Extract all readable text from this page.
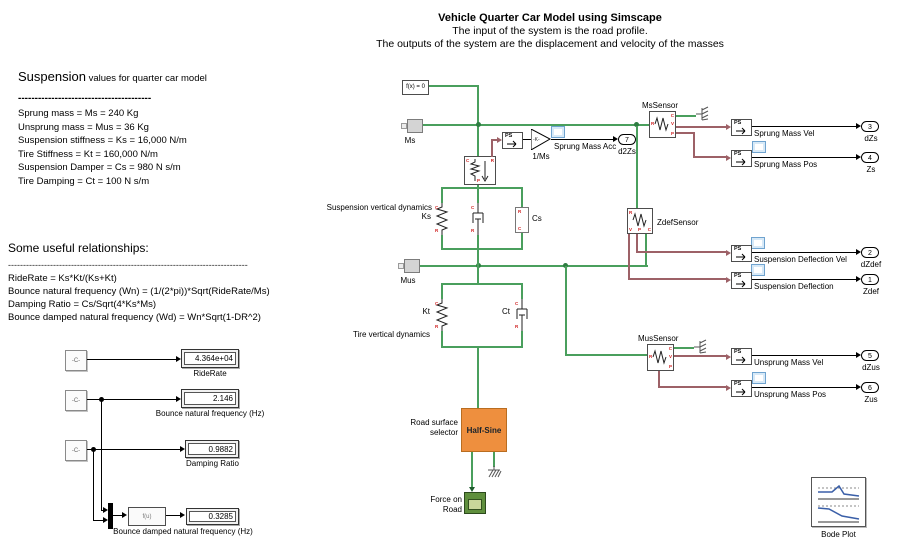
Vehicle Quarter Car Model using Simscape
The input of the system is the road profile.
The outputs of the system are the displacement and velocity of the masses
Suspension values for quarter car model
----------------------------------------
Sprung mass = Ms = 240 Kg
Unsprung mass = Mus = 36 Kg
Suspension stiffness = Ks = 16,000 N/m
Tire Stiffness = Kt = 160,000 N/m
Suspension Damper = Cs = 980 N s/m
Tire Damping = Ct = 100 N s/m
Some useful relationships:
--------------------------------------------------------------------------------
RideRate = Ks*Kt/(Ks+Kt)
Bounce natural frequency (Wn) = (1/(2*pi))*Sqrt(RideRate/Ms)
Damping Ratio = Cs/Sqrt(4*Ks*Ms)
Bounce damped natural frequency (Wd) = Wn*Sqrt(1-DR^2)
-C-	4.364e+04
RideRate
-C-	2.146
Bounce natural frequency (Hz)
-C-	0.9882
Damping Ratio
f(u)	0.3285
Bounce damped natural frequency (Hz)
f(x) = 0
Ms
C	R
P
PS
-K-
1/Ms
Sprung Mass Acc
7
d2Zs
C
R
Ks
C
R
R
C
Cs
Suspension vertical dynamics
Mus
C
R
Kt
C
R
Ct
Tire vertical dynamics
Half-Sine
Road surface
selector
Force on
Road
MsSensor
R
C
V
P
R
V	C
P
ZdefSensor
MusSensor
R
C
V
P
PS
Sprung Mass Vel
3
dZs
PS
Sprung Mass Pos
4
Zs
PS
Suspension Deflection Vel
2
dZdef
PS
Suspension Deflection
1
Zdef
PS
Unsprung Mass Vel
5
dZus
PS
Unsprung Mass Pos
6
Zus
Bode Plot
